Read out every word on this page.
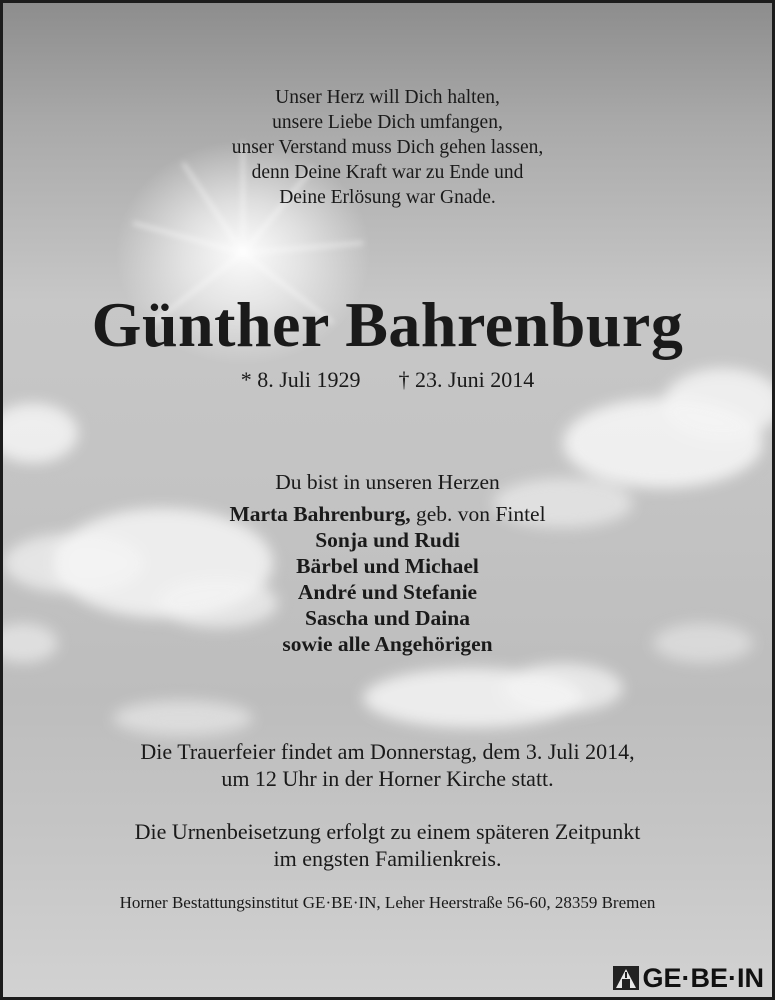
Unser Herz will Dich halten,
unsere Liebe Dich umfangen,
unser Verstand muss Dich gehen lassen,
denn Deine Kraft war zu Ende und
Deine Erlösung war Gnade.
Günther Bahrenburg
* 8. Juli 1929 † 23. Juni 2014
Du bist in unseren Herzen
Marta Bahrenburg, geb. von Fintel
Sonja und Rudi
Bärbel und Michael
André und Stefanie
Sascha und Daina
sowie alle Angehörigen
Die Trauerfeier findet am Donnerstag, dem 3. Juli 2014,
um 12 Uhr in der Horner Kirche statt.
Die Urnenbeisetzung erfolgt zu einem späteren Zeitpunkt
im engsten Familienkreis.
Horner Bestattungsinstitut GE·BE·IN, Leher Heerstraße 56-60, 28359 Bremen
GE·BE·IN
